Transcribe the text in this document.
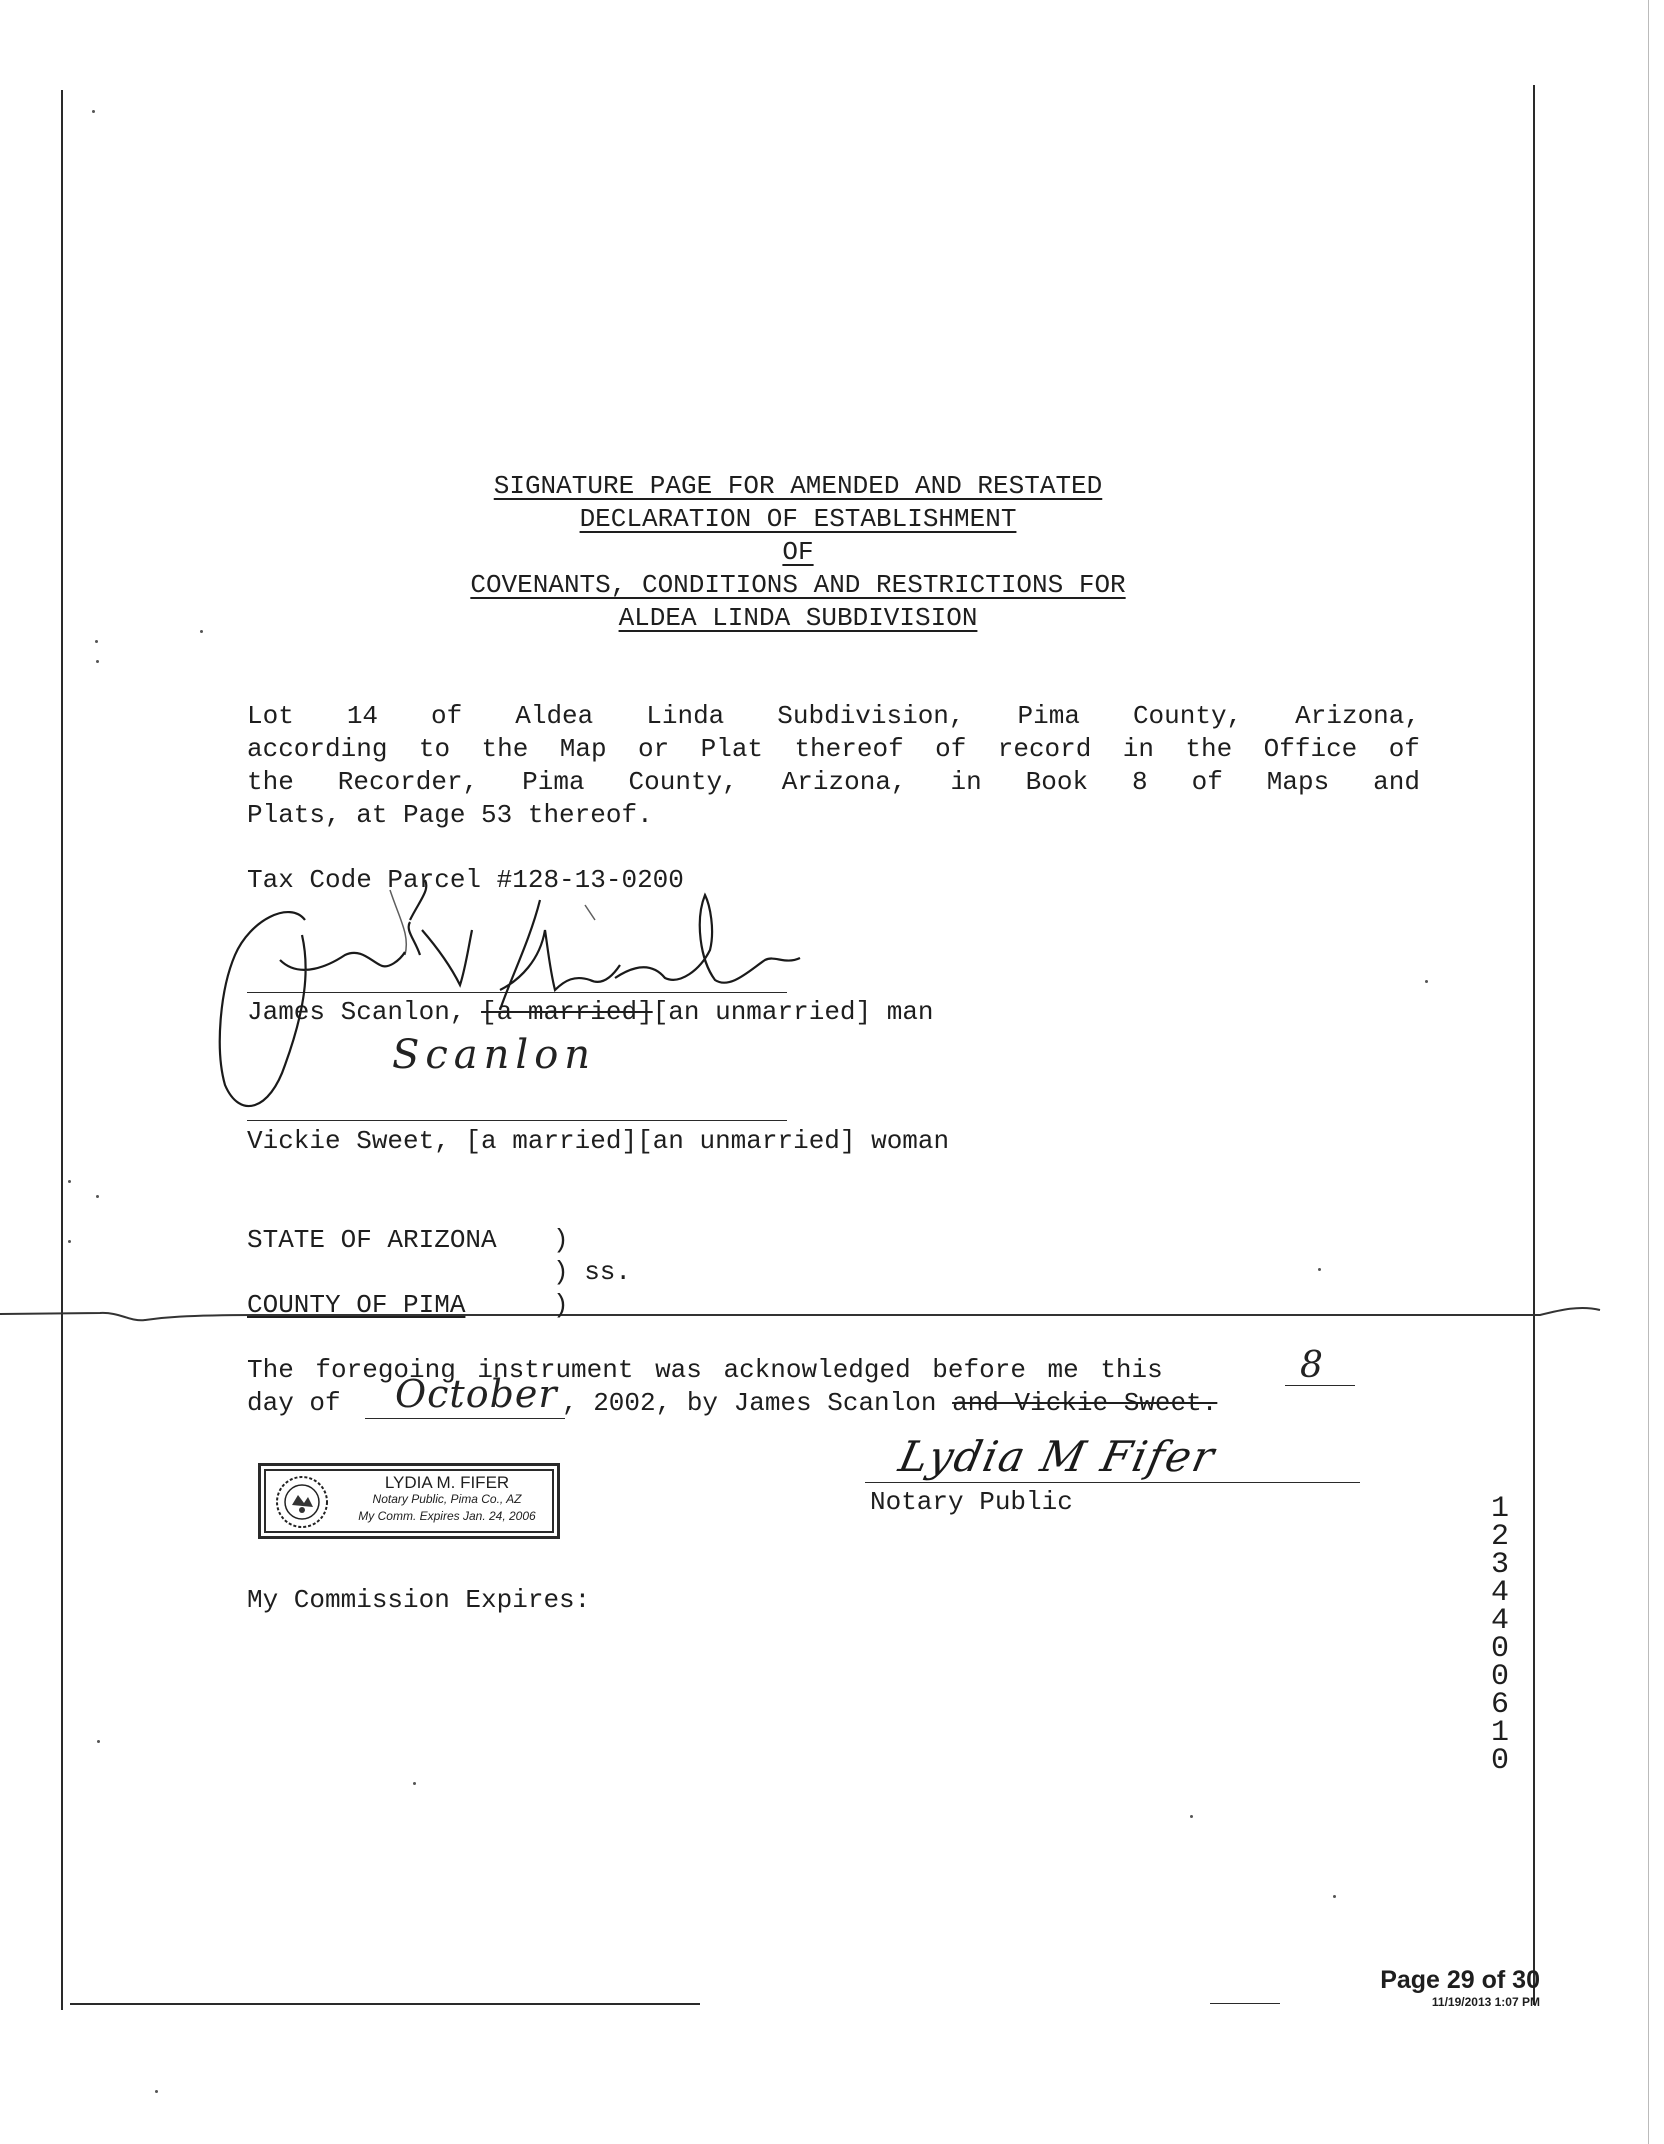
SIGNATURE PAGE FOR AMENDED AND RESTATED
DECLARATION OF ESTABLISHMENT
OF
COVENANTS, CONDITIONS AND RESTRICTIONS FOR
ALDEA LINDA SUBDIVISION
Lot 14 of Aldea Linda Subdivision, Pima County, Arizona,
according to the Map or Plat thereof of record in the Office of
the Recorder, Pima County, Arizona, in Book 8 of Maps and
Plats, at Page 53 thereof.
Tax Code Parcel #128-13-0200
James Scanlon, [a married][an unmarried] man
Scanlon
Vickie Sweet, [a married][an unmarried] woman
STATE OF ARIZONA )
) ss.
COUNTY OF PIMA	)
The foregoing instrument was acknowledged before me this	8
day of October , 2002, by James Scanlon and Vickie Sweet.
LYDIA M. FIFER
Notary Public, Pima Co., AZ
My Comm. Expires Jan. 24, 2006
Lydia M Fifer
Notary Public
My Commission Expires:
12344 00610
Page 29 of 30
11/19/2013 1:07 PM
